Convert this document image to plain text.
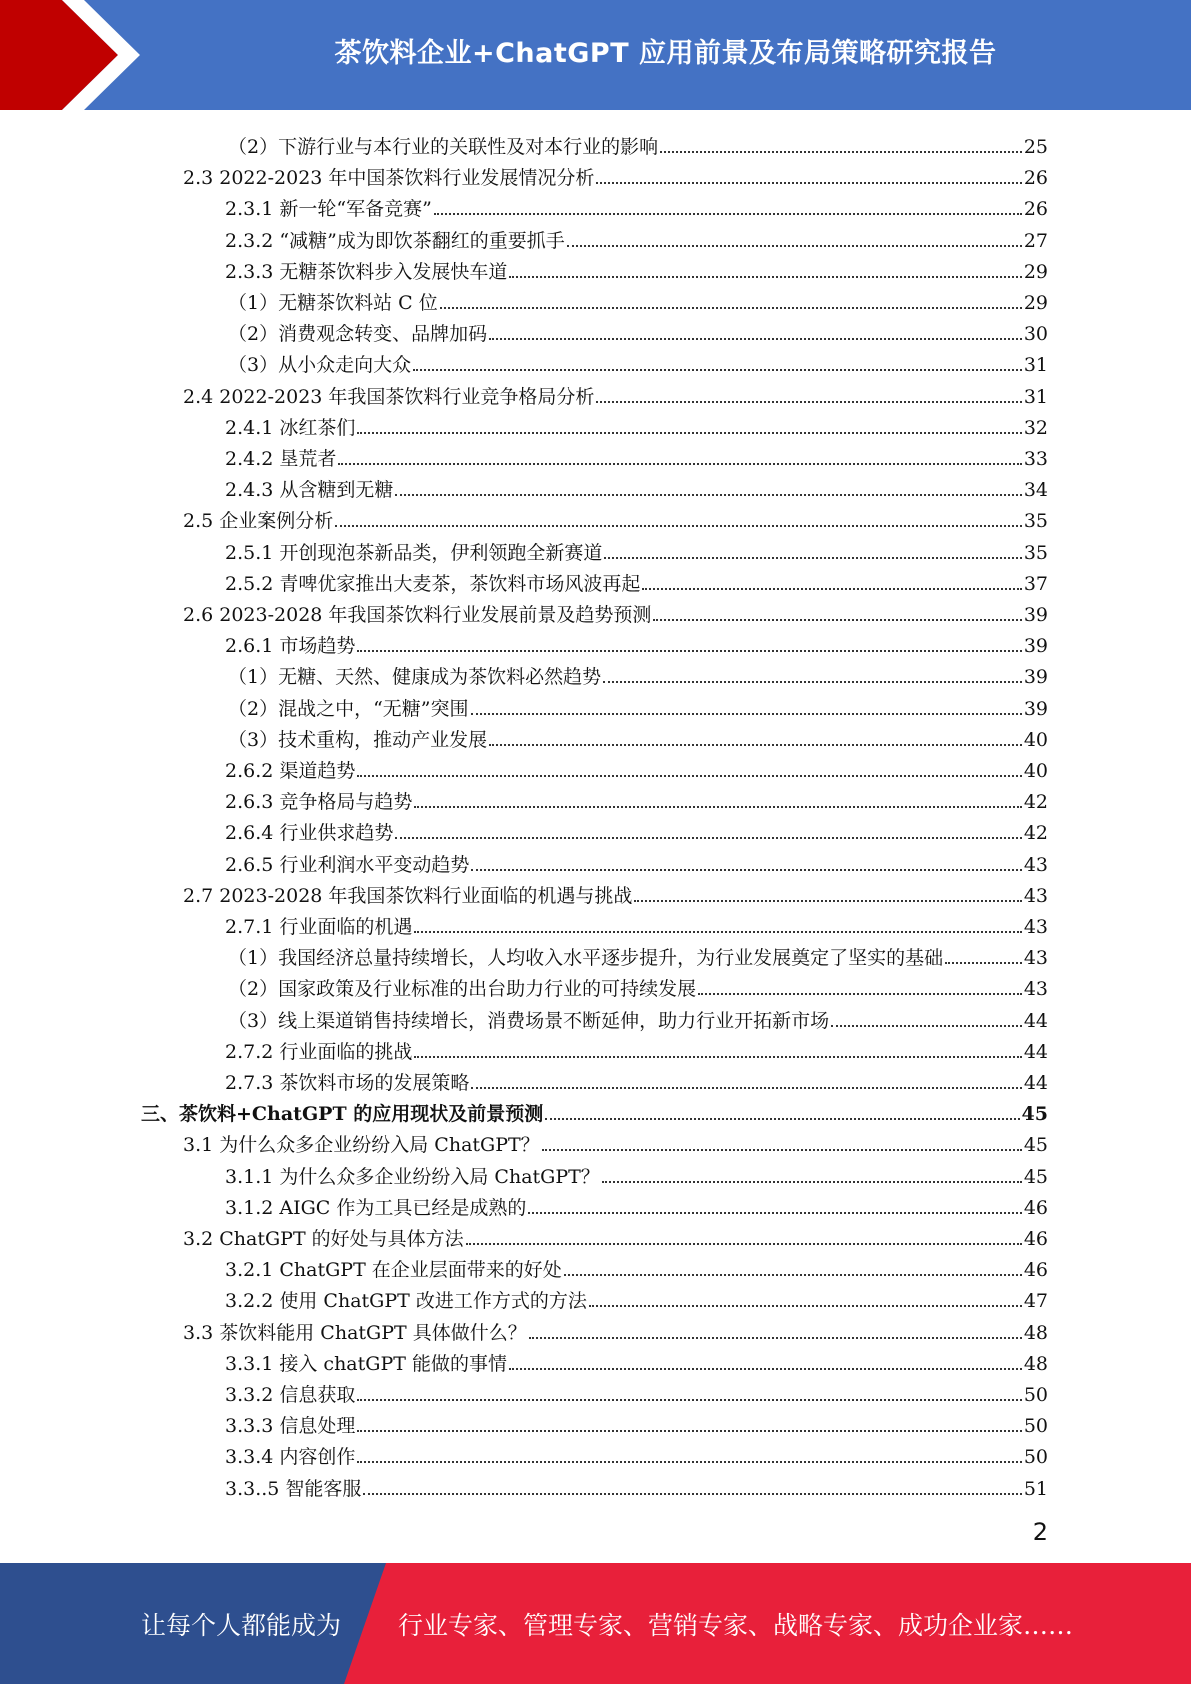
茶饮料企业+ChatGPT 应用前景及布局策略研究报告
（2）下游行业与本行业的关联性及对本行业的影响	25
2.3 2022-2023 年中国茶饮料行业发展情况分析	26
2.3.1 新一轮“军备竞赛”	26
2.3.2 “减糖”成为即饮茶翻红的重要抓手	27
2.3.3 无糖茶饮料步入发展快车道	29
（1）无糖茶饮料站 C 位	29
（2）消费观念转变、品牌加码	30
（3）从小众走向大众	31
2.4 2022-2023 年我国茶饮料行业竞争格局分析	31
2.4.1 冰红茶们	32
2.4.2 垦荒者	33
2.4.3 从含糖到无糖	34
2.5 企业案例分析	35
2.5.1 开创现泡茶新品类，伊利领跑全新赛道	35
2.5.2 青啤优家推出大麦茶，茶饮料市场风波再起	37
2.6 2023-2028 年我国茶饮料行业发展前景及趋势预测	39
2.6.1 市场趋势	39
（1）无糖、天然、健康成为茶饮料必然趋势	39
（2）混战之中，“无糖”突围	39
（3）技术重构，推动产业发展	40
2.6.2 渠道趋势	40
2.6.3 竞争格局与趋势	42
2.6.4 行业供求趋势	42
2.6.5 行业利润水平变动趋势	43
2.7 2023-2028 年我国茶饮料行业面临的机遇与挑战	43
2.7.1 行业面临的机遇	43
（1）我国经济总量持续增长，人均收入水平逐步提升，为行业发展奠定了坚实的基础	43
（2）国家政策及行业标准的出台助力行业的可持续发展	43
（3）线上渠道销售持续增长，消费场景不断延伸，助力行业开拓新市场	44
2.7.2 行业面临的挑战	44
2.7.3 茶饮料市场的发展策略	44
三、茶饮料+ChatGPT 的应用现状及前景预测	45
3.1 为什么众多企业纷纷入局 ChatGPT？	45
3.1.1 为什么众多企业纷纷入局 ChatGPT？	45
3.1.2 AIGC 作为工具已经是成熟的	46
3.2 ChatGPT 的好处与具体方法	46
3.2.1 ChatGPT 在企业层面带来的好处	46
3.2.2 使用 ChatGPT 改进工作方式的方法	47
3.3 茶饮料能用 ChatGPT 具体做什么？	48
3.3.1 接入 chatGPT 能做的事情	48
3.3.2 信息获取	50
3.3.3 信息处理	50
3.3.4 内容创作	50
3.3..5 智能客服	51
2
让每个人都能成为 行业专家、管理专家、营销专家、战略专家、成功企业家……
